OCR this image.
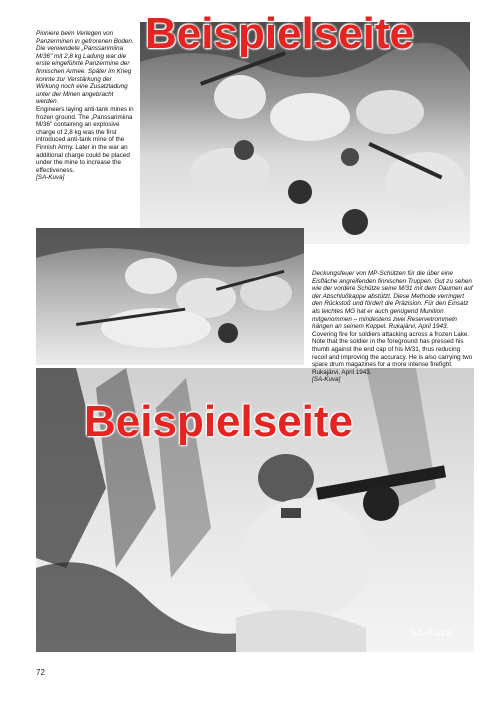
Pioniere beim Verlegen von Panzerminen in gefrorenen Boden. Die verwendete „Panssarimiina M/36" mit 2,8 kg Ladung war die erste eingeführte Panzermine der finnischen Armee. Später im Krieg konnte zur Verstärkung der Wirkung noch eine Zusatzladung unter der Minen angebracht werden.
Engineers laying anti-tank mines in frozen ground. The „Panssarimiina M/36" containing an explosive charge of 2,8 kg was the first introduced anti-tank mine of the Finnish Army. Later in the war an additional charge could be placed under the mine to increase the effectiveness.
[SA-Kuva]
Deckungsfeuer von MP-Schützen für die über eine Eisfläche angreifenden finnischen Truppen. Gut zu sehen wie der vordere Schütze seine M/31 mit dem Daumen auf der Abschlußkappe abstützt. Diese Methode verringert den Rückstoß und fördert die Präzision. Für den Einsatz als leichtes MG hat er auch genügend Munition mitgenommen – mindestens zwei Reservetrommeln hängen an seinem Koppel. Rukajärvi, April 1943.
Covering fire for soldiers attacking across a frozen Lake. Note that the soldier in the foreground has pressed his thumb against the end cap of his M/31, thus reducing recoil and improving the accuracy. He is also carrying two spare drum magazines for a more intense firefight. Rukajärvi, April 1943.
[SA-Kuva]
Beispielseite
Beispielseite
SA-Kuva
72
